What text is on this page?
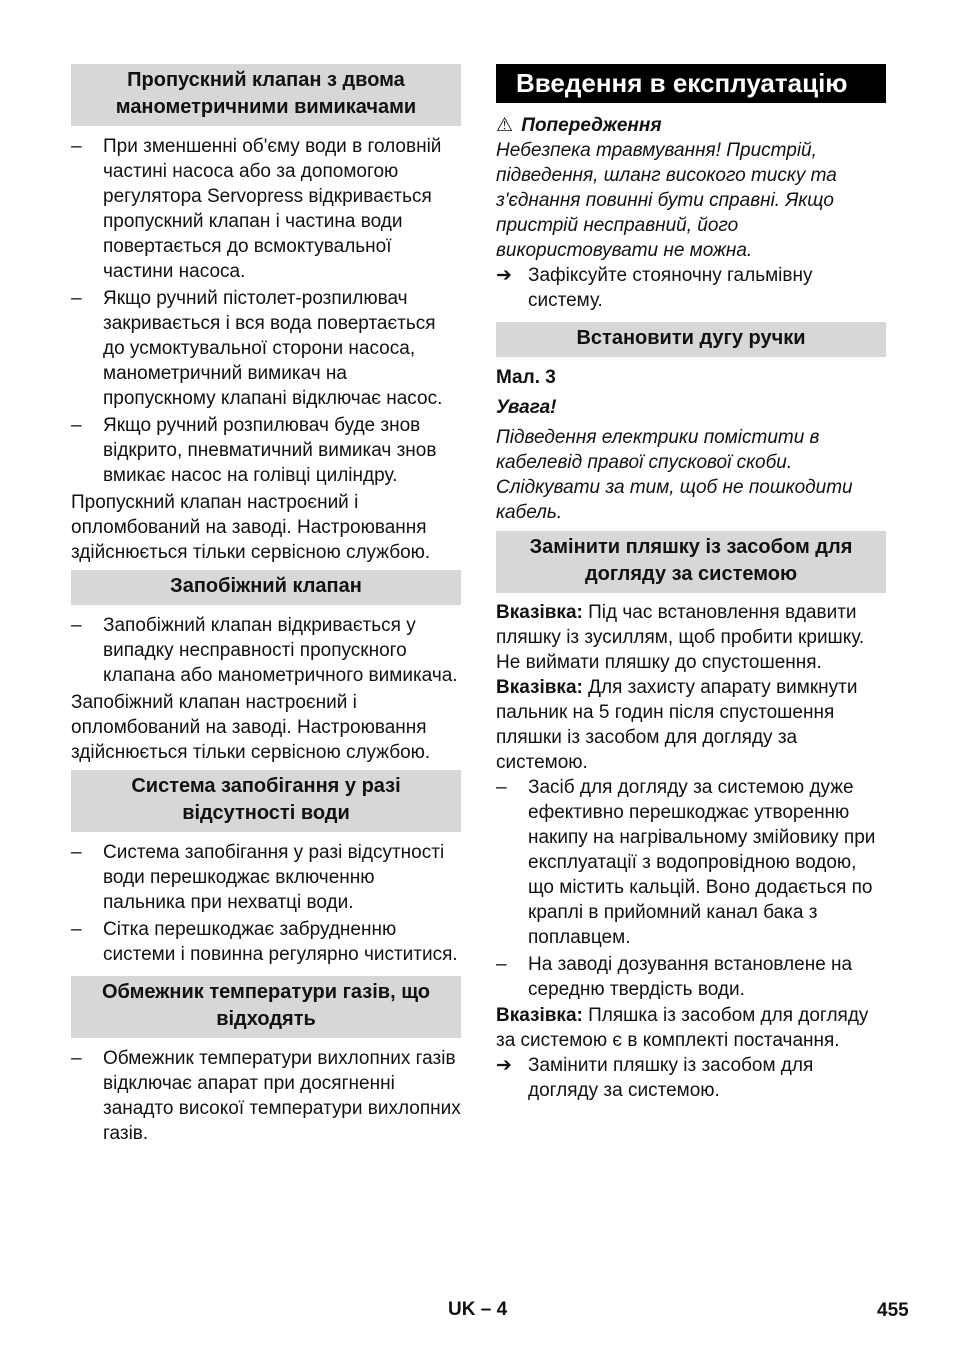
Пропускний клапан з двома манометричними вимикачами
– При зменшенні об'єму води в головній частині насоса або за допомогою регулятора Servopress відкривається пропускний клапан і частина води повертається до всмоктувальної частини насоса.
– Якщо ручний пістолет-розпилювач закривається і вся вода повертається до усмоктувальної сторони насоса, манометричний вимикач на пропускному клапані відключає насос.
– Якщо ручний розпилювач буде знов відкрито, пневматичний вимикач знов вмикає насос на голівці циліндру.

Пропускний клапан настроєний і опломбований на заводі. Настроювання здійснюється тільки сервісною службою.

Запобіжний клапан
– Запобіжний клапан відкривається у випадку несправності пропускного клапана або манометричного вимикача.

Запобіжний клапан настроєний і опломбований на заводі. Настроювання здійснюється тільки сервісною службою.

Система запобігання у разі відсутності води
– Система запобігання у разі відсутності води перешкоджає включенню пальника при нехватці води.
– Сітка перешкоджає забрудненню системи і повинна регулярно чиститися.
Обмежник температури газів, що відходять
– Обмежник температури вихлопних газів відключає апарат при досягненні занадто високої температури вихлопних газів.
Введення в експлуатацію
⚠ Попередження

Небезпека травмування! Пристрій, підведення, шланг високого тиску та з'єднання повинні бути справні. Якщо пристрій несправний, його використовувати не можна.

➔ Зафіксуйте стояночну гальмівну систему.
Встановити дугу ручки

Мал. 3

Увага!

Підведення електрики помістити в кабелевід правої спускової скоби. Слідкувати за тим, щоб не пошкодити кабель.

Замінити пляшку із засобом для догляду за системою

Вказівка: Під час встановлення вдавити пляшку із зусиллям, щоб пробити кришку. Не виймати пляшку до спустошення.

Вказівка: Для захисту апарату вимкнути пальник на 5 годин після спустошення пляшки із засобом для догляду за системою.

– Засіб для догляду за системою дуже ефективно перешкоджає утворенню накипу на нагрівальному змійовику при експлуатації з водопровідною водою, що містить кальцій. Воно додається по краплі в прийомний канал бака з поплавцем.
– На заводі дозування встановлене на середню твердість води.

Вказівка: Пляшка із засобом для догляду за системою є в комплекті постачання.

➔ Замінити пляшку із засобом для догляду за системою.
UK – 4	455
